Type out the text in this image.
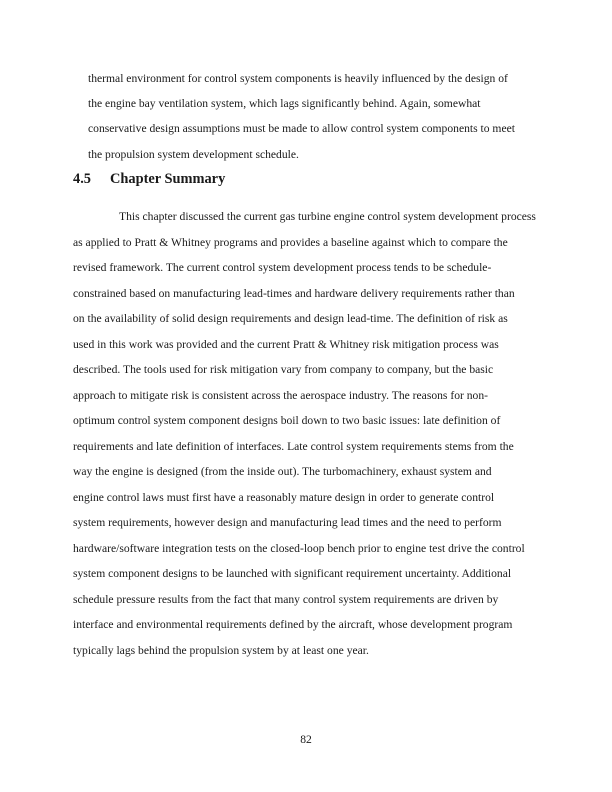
thermal environment for control system components is heavily influenced by the design of
the engine bay ventilation system, which lags significantly behind. Again, somewhat
conservative design assumptions must be made to allow control system components to meet
the propulsion system development schedule.
4.5 Chapter Summary
This chapter discussed the current gas turbine engine control system development process
as applied to Pratt & Whitney programs and provides a baseline against which to compare the
revised framework. The current control system development process tends to be schedule-
constrained based on manufacturing lead-times and hardware delivery requirements rather than
on the availability of solid design requirements and design lead-time. The definition of risk as
used in this work was provided and the current Pratt & Whitney risk mitigation process was
described. The tools used for risk mitigation vary from company to company, but the basic
approach to mitigate risk is consistent across the aerospace industry. The reasons for non-
optimum control system component designs boil down to two basic issues: late definition of
requirements and late definition of interfaces. Late control system requirements stems from the
way the engine is designed (from the inside out). The turbomachinery, exhaust system and
engine control laws must first have a reasonably mature design in order to generate control
system requirements, however design and manufacturing lead times and the need to perform
hardware/software integration tests on the closed-loop bench prior to engine test drive the control
system component designs to be launched with significant requirement uncertainty. Additional
schedule pressure results from the fact that many control system requirements are driven by
interface and environmental requirements defined by the aircraft, whose development program
typically lags behind the propulsion system by at least one year.
82
